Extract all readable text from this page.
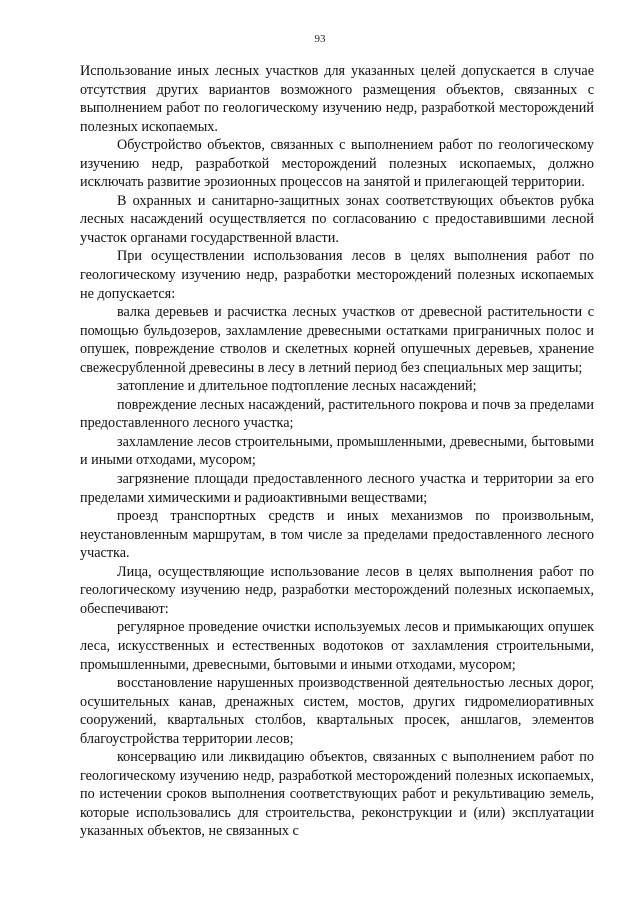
93

Использование иных лесных участков для указанных целей допускается в случае отсутствия других вариантов возможного размещения объектов, связанных с выполнением работ по геологическому изучению недр, разработкой месторождений полезных ископаемых.

Обустройство объектов, связанных с выполнением работ по геологическому изучению недр, разработкой месторождений полезных ископаемых, должно исключать развитие эрозионных процессов на занятой и прилегающей территории.

В охранных и санитарно-защитных зонах соответствующих объектов рубка лесных насаждений осуществляется по согласованию с предоставившими лесной участок органами государственной власти.

При осуществлении использования лесов в целях выполнения работ по геологическому изучению недр, разработки месторождений полезных ископаемых не допускается:

валка деревьев и расчистка лесных участков от древесной растительности с помощью бульдозеров, захламление древесными остатками приграничных полос и опушек, повреждение стволов и скелетных корней опушечных деревьев, хранение свежесрубленной древесины в лесу в летний период без специальных мер защиты;

затопление и длительное подтопление лесных насаждений;

повреждение лесных насаждений, растительного покрова и почв за пределами предоставленного лесного участка;

захламление лесов строительными, промышленными, древесными, бытовыми и иными отходами, мусором;

загрязнение площади предоставленного лесного участка и территории за его пределами химическими и радиоактивными веществами;

проезд транспортных средств и иных механизмов по произвольным, неустановленным маршрутам, в том числе за пределами предоставленного лесного участка.

Лица, осуществляющие использование лесов в целях выполнения работ по геологическому изучению недр, разработки месторождений полезных ископаемых, обеспечивают:

регулярное проведение очистки используемых лесов и примыкающих опушек леса, искусственных и естественных водотоков от захламления строительными, промышленными, древесными, бытовыми и иными отходами, мусором;

восстановление нарушенных производственной деятельностью лесных дорог, осушительных канав, дренажных систем, мостов, других гидромелиоративных сооружений, квартальных столбов, квартальных просек, аншлагов, элементов благоустройства территории лесов;

консервацию или ликвидацию объектов, связанных с выполнением работ по геологическому изучению недр, разработкой месторождений полезных ископаемых, по истечении сроков выполнения соответствующих работ и рекультивацию земель, которые использовались для строительства, реконструкции и (или) эксплуатации указанных объектов, не связанных с
